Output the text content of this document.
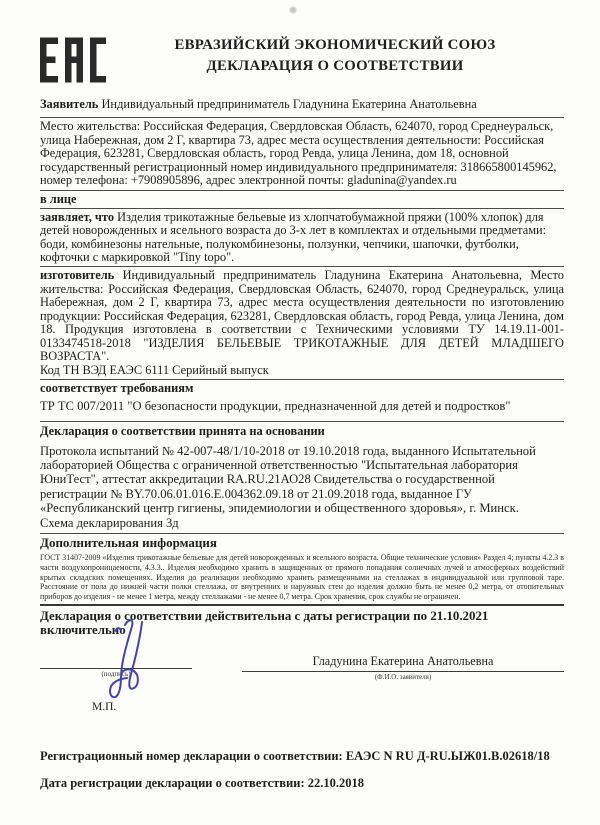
ЕВРАЗИЙСКИЙ ЭКОНОМИЧЕСКИЙ СОЮЗ
ДЕКЛАРАЦИЯ О СООТВЕТСТВИИ
Заявитель Индивидуальный предприниматель Гладунина Екатерина Анатольевна
Место жительства: Российская Федерация, Свердловская Область, 624070, город Среднеуральск, улица Набережная, дом 2 Г, квартира 73, адрес места осуществления деятельности: Российская Федерация, 623281, Свердловская область, город Ревда, улица Ленина, дом 18, основной государственный регистрационный номер индивидуального предпринимателя: 318665800145962, номер телефона: +7908905896, адрес электронной почты: gladunina@yandex.ru
в лице
заявляет, что Изделия трикотажные бельевые из хлопчатобумажной пряжи (100% хлопок) для детей новорожденных и ясельного возраста до 3-х лет в комплектах и отдельными предметами: боди, комбинезоны нательные, полукомбинезоны, ползунки, чепчики, шапочки, футболки, кофточки с маркировкой "Tiny topo".
изготовитель Индивидуальный предприниматель Гладунина Екатерина Анатольевна, Место жительства: Российская Федерация, Свердловская Область, 624070, город Среднеуральск, улица Набережная, дом 2 Г, квартира 73, адрес места осуществления деятельности по изготовлению продукции: Российская Федерация, 623281, Свердловская область, город Ревда, улица Ленина, дом 18. Продукция изготовлена в соответствии с Техническими условиями ТУ 14.19.11-001-0133474518-2018 "ИЗДЕЛИЯ БЕЛЬЕВЫЕ ТРИКОТАЖНЫЕ ДЛЯ ДЕТЕЙ МЛАДШЕГО ВОЗРАСТА".
Код ТН ВЭД ЕАЭС 6111 Серийный выпуск
соответствует требованиям
ТР ТС 007/2011 "О безопасности продукции, предназначенной для детей и подростков"
Декларация о соответствии принята на основании
Протокола испытаний № 42-007-48/1/10-2018 от 19.10.2018 года, выданного Испытательной лабораторией Общества с ограниченной ответственностью "Испытательная лаборатория ЮниТест", аттестат аккредитации RA.RU.21АО28 Свидетельства о государственной регистрации № BY.70.06.01.016.Е.004362.09.18 от 21.09.2018 года, выданное ГУ «Республиканский центр гигиены, эпидемиологии и общественного здоровья», г. Минск.
Схема декларирования 3д
Дополнительная информация
ГОСТ 31407-2009 «Изделия трикотажные бельевые для детей новорожденных и ясельного возраста. Общие технические условия» Раздел 4; пункты 4.2.3 в части воздухопроницаемости, 4.3.3.. Изделия необходимо хранить в защищенных от прямого попадания солнечных лучей и атмосферных воздействий крытых складских помещениях. Изделия до реализации необходимо хранить размещенными на стеллажах в индивидуальной или групповой таре. Расстояние от пола до нижней части полки стеллажа, от внутренних и наружных стен до изделия должно быть не менее 0,2 метра, от отопительных приборов до изделия - не менее 1 метра, между стеллажами - не менее 0,7 метра. Срок хранения, срок службы не ограничен.
Декларация о соответствии действительна с даты регистрации по 21.10.2021 включительно
(подпись)
М.П.
Гладунина Екатерина Анатольевна
(Ф.И.О. заявителя)
Регистрационный номер декларации о соответствии: ЕАЭС N RU Д-RU.ЫЖ01.В.02618/18
Дата регистрации декларации о соответствии: 22.10.2018
